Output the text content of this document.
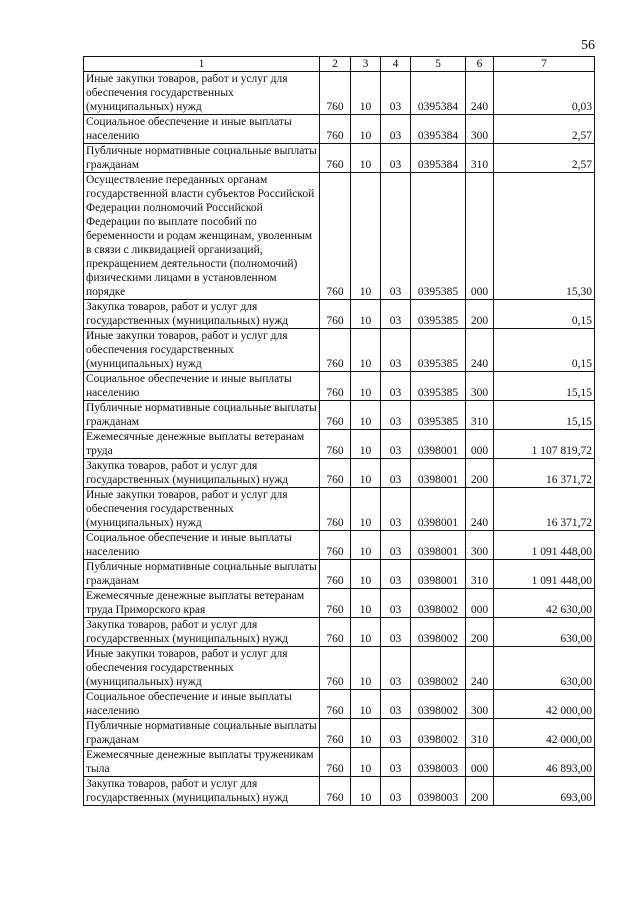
56
1	2	3	4	5	6	7
Иные закупки товаров, работ и услуг для обеспечения государственных (муниципальных) нужд	760	10	03	0395384	240	0,03
Социальное обеспечение и иные выплаты населению	760	10	03	0395384	300	2,57
Публичные нормативные социальные выплаты гражданам	760	10	03	0395384	310	2,57
Осуществление переданных органам государственной власти субъектов Российской Федерации полномочий Российской Федерации по выплате пособий по беременности и родам женщинам, уволенным в связи с ликвидацией организаций, прекращением деятельности (полномочий) физическими лицами в установленном порядке	760	10	03	0395385	000	15,30
Закупка товаров, работ и услуг для государственных (муниципальных) нужд	760	10	03	0395385	200	0,15
Иные закупки товаров, работ и услуг для обеспечения государственных (муниципальных) нужд	760	10	03	0395385	240	0,15
Социальное обеспечение и иные выплаты населению	760	10	03	0395385	300	15,15
Публичные нормативные социальные выплаты гражданам	760	10	03	0395385	310	15,15
Ежемесячные денежные выплаты ветеранам труда	760	10	03	0398001	000	1 107 819,72
Закупка товаров, работ и услуг для государственных (муниципальных) нужд	760	10	03	0398001	200	16 371,72
Иные закупки товаров, работ и услуг для обеспечения государственных (муниципальных) нужд	760	10	03	0398001	240	16 371,72
Социальное обеспечение и иные выплаты населению	760	10	03	0398001	300	1 091 448,00
Публичные нормативные социальные выплаты гражданам	760	10	03	0398001	310	1 091 448,00
Ежемесячные денежные выплаты ветеранам труда Приморского края	760	10	03	0398002	000	42 630,00
Закупка товаров, работ и услуг для государственных (муниципальных) нужд	760	10	03	0398002	200	630,00
Иные закупки товаров, работ и услуг для обеспечения государственных (муниципальных) нужд	760	10	03	0398002	240	630,00
Социальное обеспечение и иные выплаты населению	760	10	03	0398002	300	42 000,00
Публичные нормативные социальные выплаты гражданам	760	10	03	0398002	310	42 000,00
Ежемесячные денежные выплаты труженикам тыла	760	10	03	0398003	000	46 893,00
Закупка товаров, работ и услуг для государственных (муниципальных) нужд	760	10	03	0398003	200	693,00
